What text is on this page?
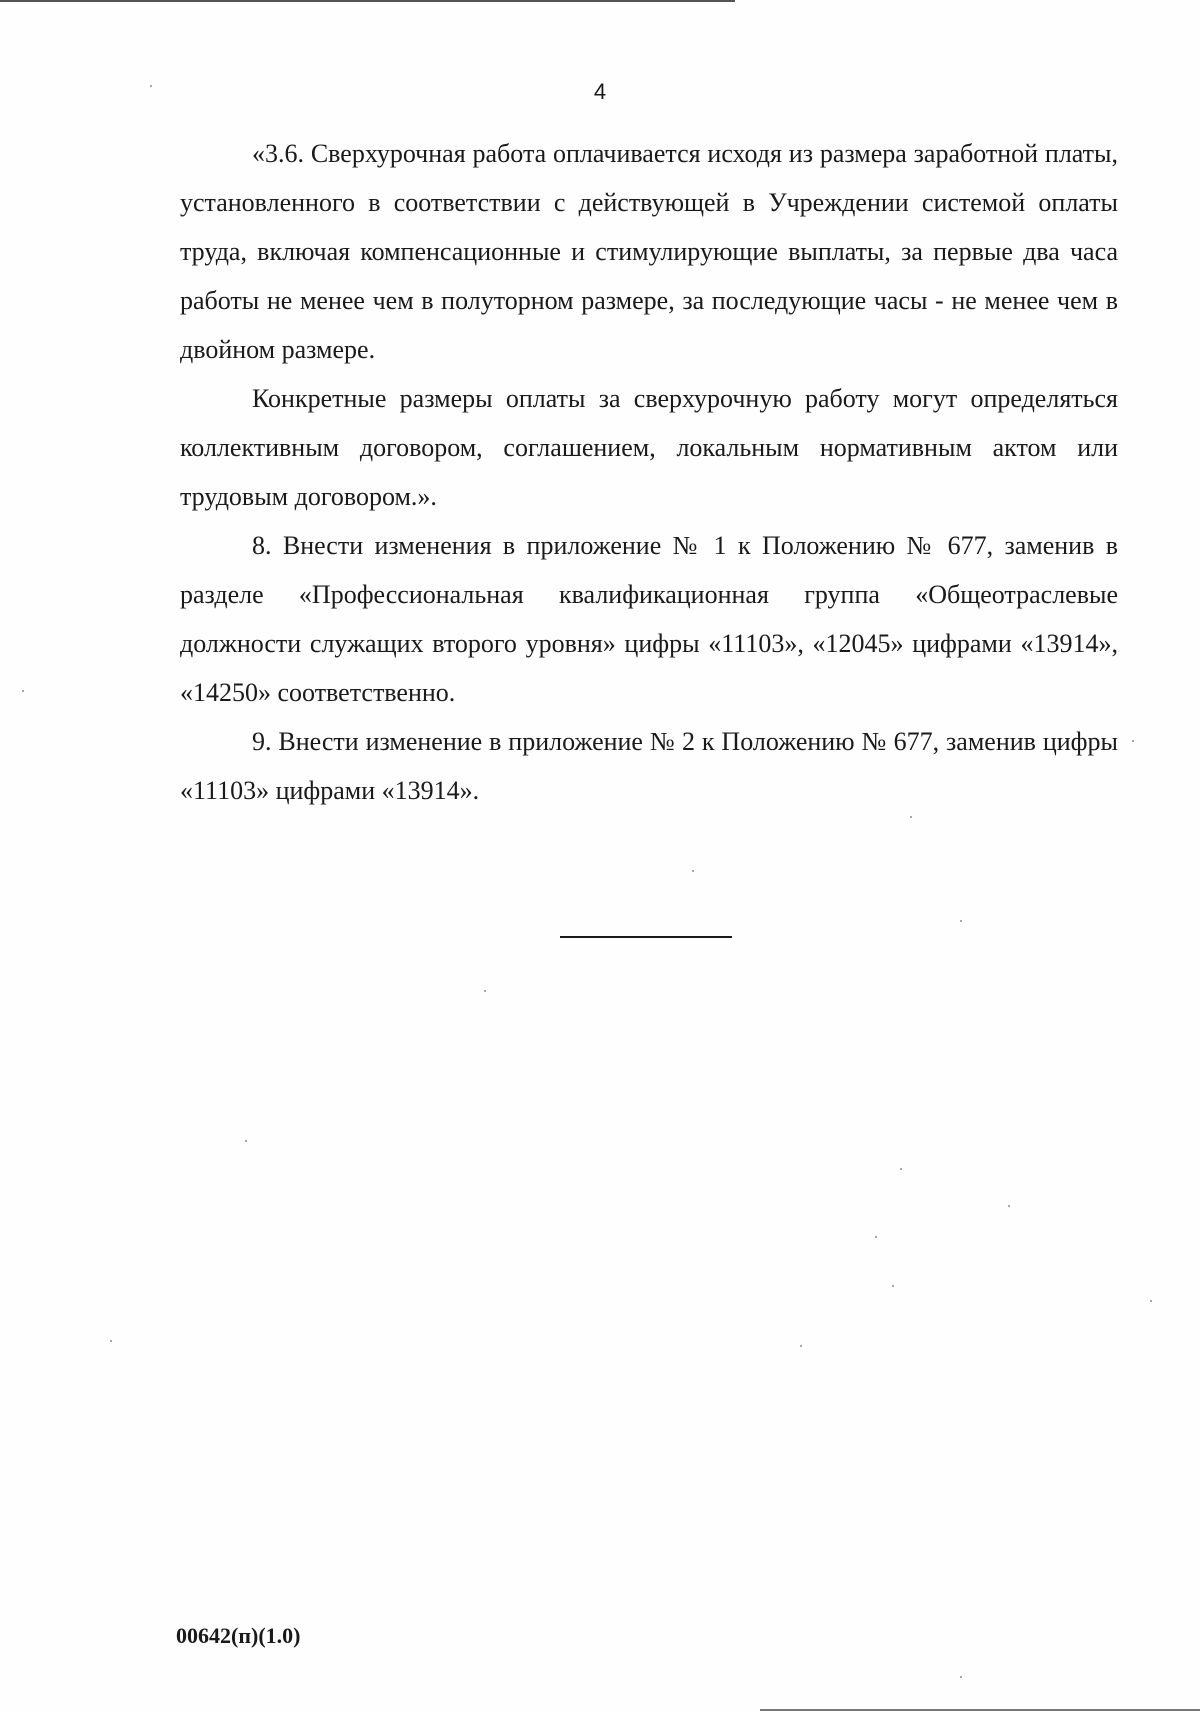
4

«3.6. Сверхурочная работа оплачивается исходя из размера заработной платы, установленного в соответствии с действующей в Учреждении системой оплаты труда, включая компенсационные и стимулирующие выплаты, за первые два часа работы не менее чем в полуторном размере, за последующие часы - не менее чем в двойном размере.

Конкретные размеры оплаты за сверхурочную работу могут определяться коллективным договором, соглашением, локальным нормативным актом или трудовым договором.».

8. Внести изменения в приложение № 1 к Положению № 677, заменив в разделе «Профессиональная квалификационная группа «Общеотраслевые должности служащих второго уровня» цифры «11103», «12045» цифрами «13914», «14250» соответственно.

9. Внести изменение в приложение № 2 к Положению № 677, заменив цифры «11103» цифрами «13914».

00642(п)(1.0)
